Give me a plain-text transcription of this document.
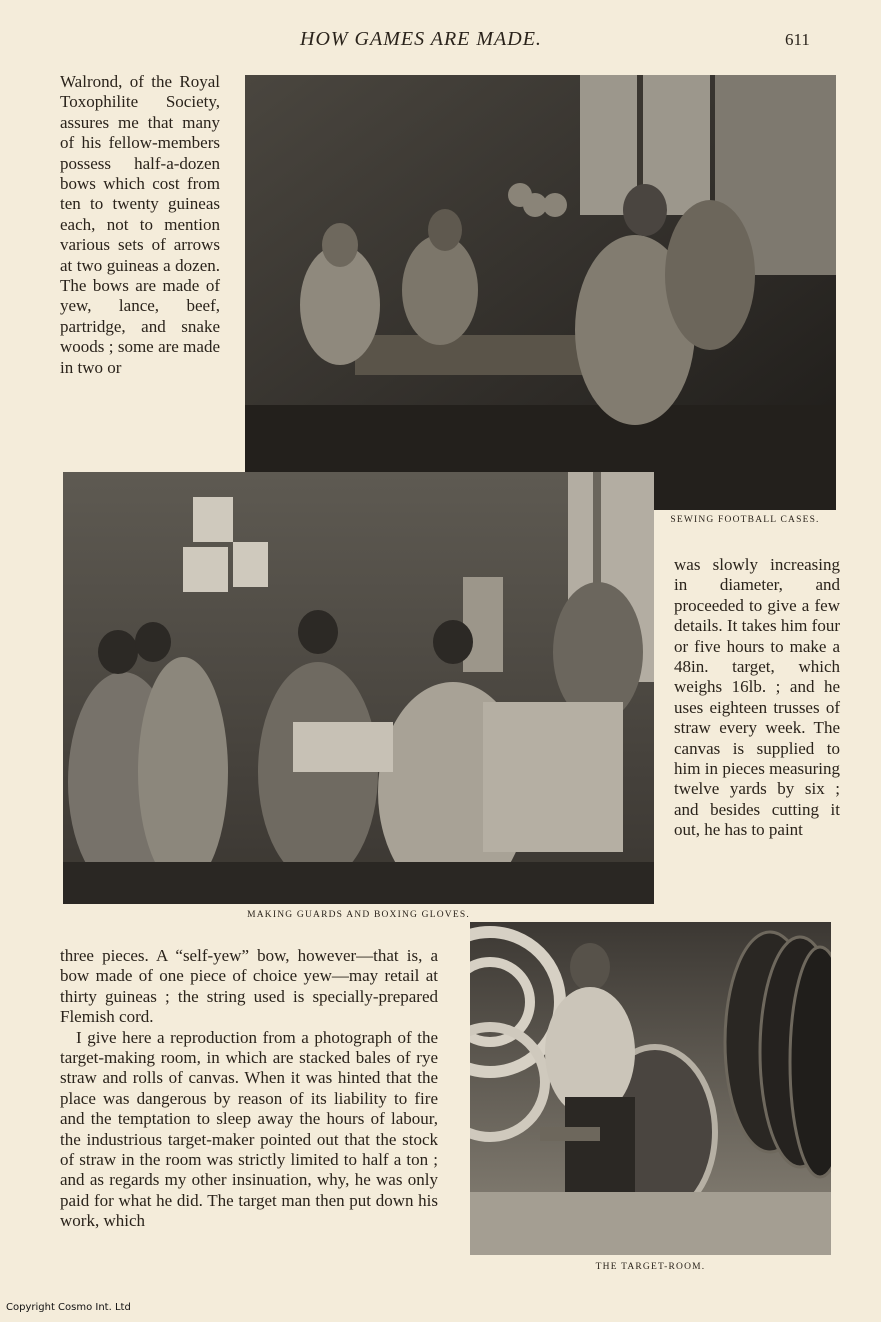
HOW GAMES ARE MADE.	611

Walrond, of the Royal Toxophilite Society, assures me that many of his fellow-members possess half-a-dozen bows which cost from ten to twenty guineas each, not to mention various sets of arrows at two guineas a dozen. The bows are made of yew, lance, beef, partridge, and snake woods ; some are made in two or

SEWING FOOTBALL CASES.
MAKING GUARDS AND BOXING GLOVES.

was slowly increasing in diameter, and proceeded to give a few details. It takes him four or five hours to make a 48in. target, which weighs 16lb. ; and he uses eighteen trusses of straw every week. The canvas is supplied to him in pieces measuring twelve yards by six ; and besides cutting it out, he has to paint

three pieces. A “self-yew” bow, however—that is, a bow made of one piece of choice yew—may retail at thirty guineas ; the string used is specially-prepared Flemish cord.

I give here a reproduction from a photograph of the target-making room, in which are stacked bales of rye straw and rolls of canvas. When it was hinted that the place was dangerous by reason of its liability to fire and the temptation to sleep away the hours of labour, the industrious target-maker pointed out that the stock of straw in the room was strictly limited to half a ton ; and as regards my other insinuation, why, he was only paid for what he did. The target man then put down his work, which

THE TARGET-ROOM.
Copyright Cosmo Int. Ltd
